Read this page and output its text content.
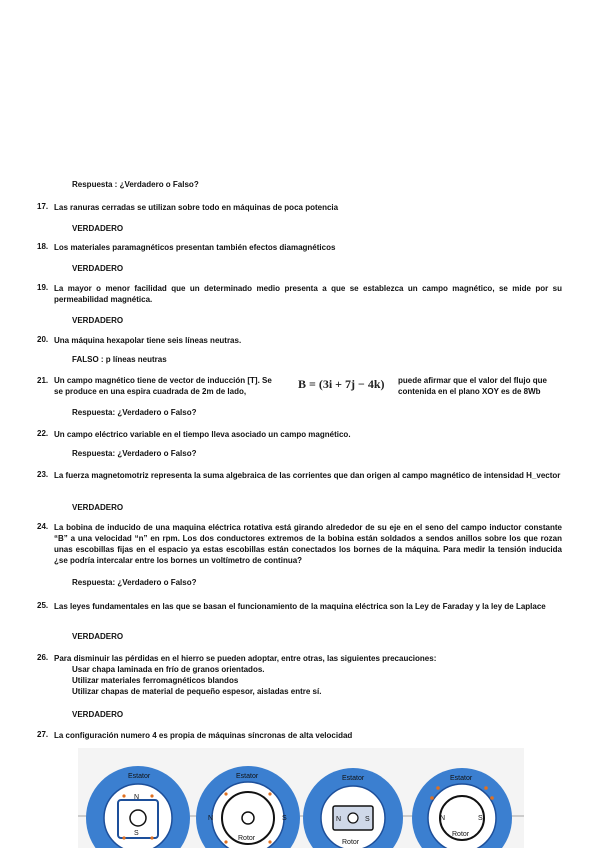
Respuesta : ¿Verdadero o Falso?
17. Las ranuras cerradas se utilizan sobre todo en máquinas de poca potencia
VERDADERO
18. Los materiales paramagnéticos presentan también efectos diamagnéticos
VERDADERO
19. La mayor o menor facilidad que un determinado medio presenta a que se establezca un campo magnético, se mide por su permeabilidad magnética.
VERDADERO
20. Una máquina hexapolar tiene seis líneas neutras.
FALSO : p líneas neutras
21. Un campo magnético tiene de vector de inducción [T]. Se
se produce en una espira cuadrada de 2m de lado,
B = (3i + 7j − 4k) puede afirmar que el valor del flujo que
contenida en el plano XOY es de 8Wb
Respuesta: ¿Verdadero o Falso?
22. Un campo eléctrico variable en el tiempo lleva asociado un campo magnético.
Respuesta: ¿Verdadero o Falso?
23. La fuerza magnetomotriz representa la suma algebraica de las corrientes que dan origen al campo magnético de intensidad H_vector
VERDADERO
24. La bobina de inducido de una maquina eléctrica rotativa está girando alrededor de su eje en el seno del campo inductor constante “B” a una velocidad “n” en rpm. Los dos conductores extremos de la bobina están soldados a sendos anillos sobre los que rozan unas escobillas fijas en el espacio ya estas escobillas están conectados los bornes de la máquina. Para medir la tensión inducida ¿se podría intercalar entre los bornes un voltímetro de continua?
Respuesta: ¿Verdadero o Falso?
25. Las leyes fundamentales en las que se basan el funcionamiento de la maquina eléctrica son la Ley de Faraday y la ley de Laplace
VERDADERO
26. Para disminuir las pérdidas en el hierro se pueden adoptar, entre otras, las siguientes precauciones:
Usar chapa laminada en frío de granos orientados.
Utilizar materiales ferromagnéticos blandos
Utilizar chapas de material de pequeño espesor, aisladas entre sí.
VERDADERO
27. La configuración numero 4 es propia de máquinas síncronas de alta velocidad
Estator
N
S
Estator
Rotor
N	S
Estator
Rotor
N	S
Estator
Rotor
N	S
